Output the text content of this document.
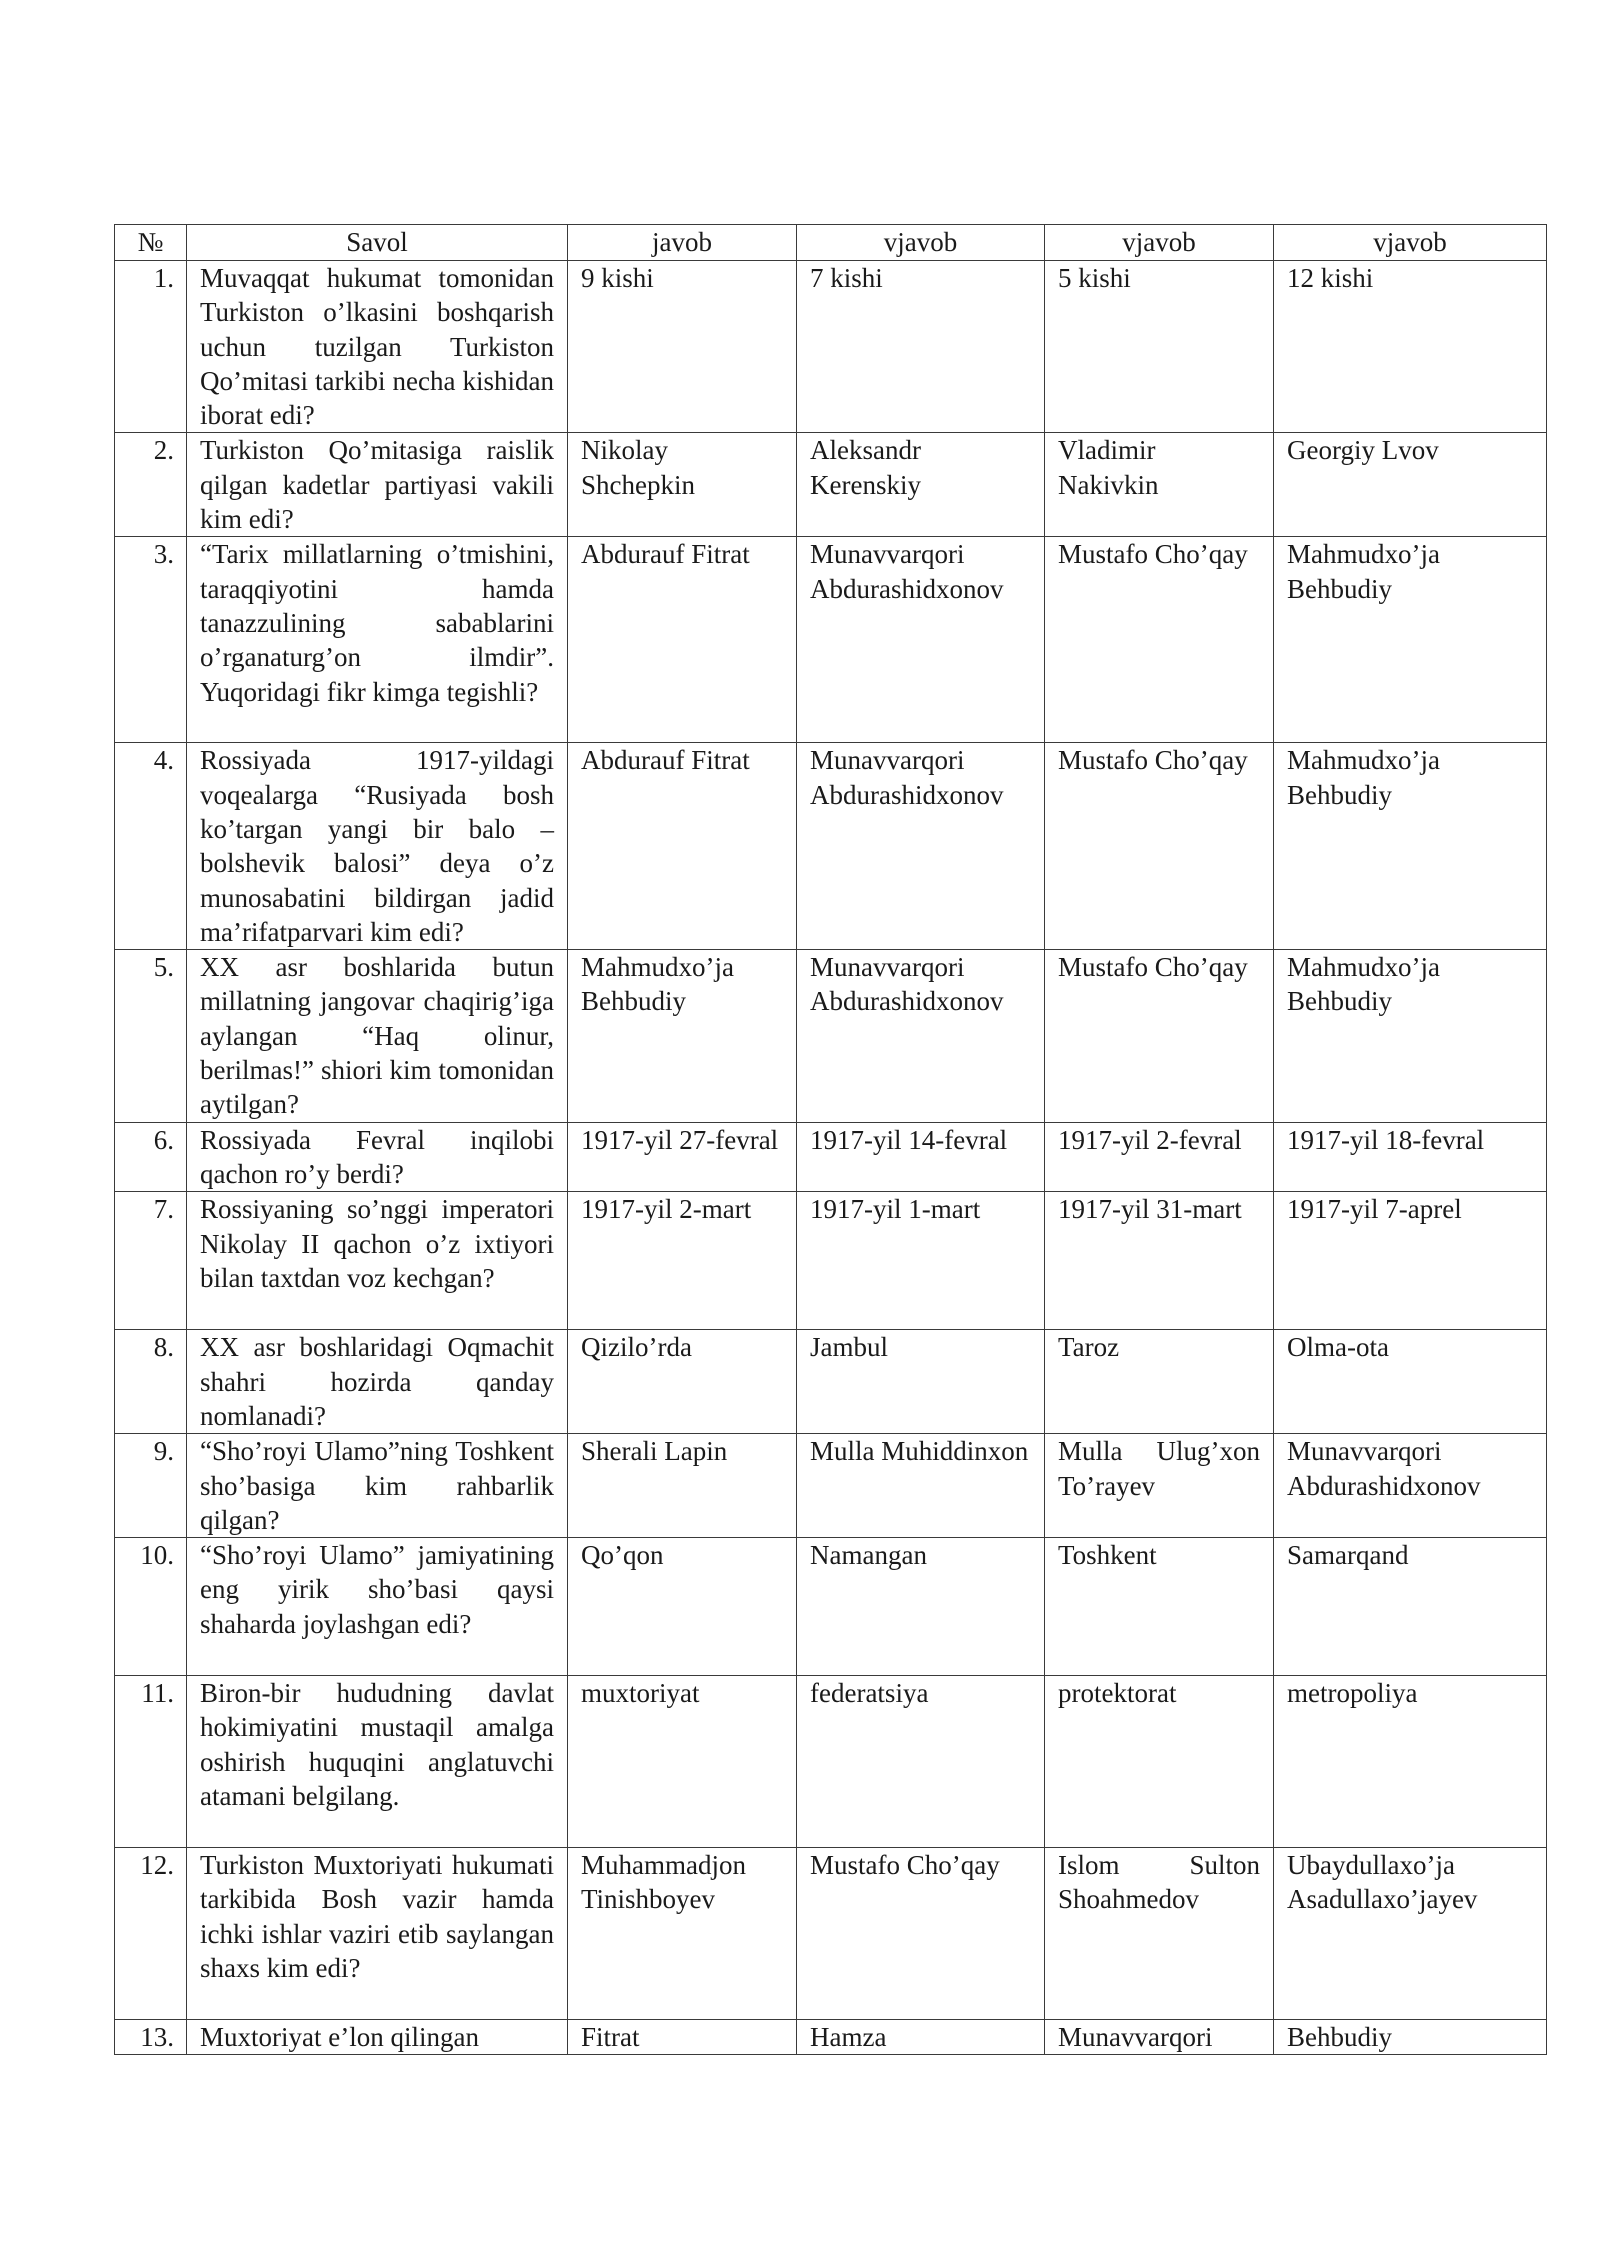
№	Savol	javob	vjavob	vjavob	vjavob
1.	Muvaqqat hukumat tomonidan Turkiston o’lkasini boshqarish uchun tuzilgan Turkiston Qo’mitasi tarkibi necha kishidan iborat edi?	9 kishi	7 kishi	5 kishi	12 kishi
2.	Turkiston Qo’mitasiga raislik qilgan kadetlar partiyasi vakili kim edi?	Nikolay Shchepkin	Aleksandr Kerenskiy	Vladimir Nakivkin	Georgiy Lvov
3.	“Tarix millatlarning o’tmishini, taraqqiyotini hamda tanazzulining sabablarini o’rganaturg’on ilmdir”. Yuqoridagi fikr kimga tegishli?	Abdurauf Fitrat	Munavvarqori Abdurashidxonov	Mustafo Cho’qay	Mahmudxo’ja Behbudiy
4.	Rossiyada 1917-yildagi voqealarga “Rusiyada bosh ko’targan yangi bir balo – bolshevik balosi” deya o’z munosabatini bildirgan jadid ma’rifatparvari kim edi?	Abdurauf Fitrat	Munavvarqori Abdurashidxonov	Mustafo Cho’qay	Mahmudxo’ja Behbudiy
5.	XX asr boshlarida butun millatning jangovar chaqirig’iga aylangan “Haq olinur, berilmas!” shiori kim tomonidan aytilgan?	Mahmudxo’ja Behbudiy	Munavvarqori Abdurashidxonov	Mustafo Cho’qay	Mahmudxo’ja Behbudiy
6.	Rossiyada Fevral inqilobi qachon ro’y berdi?	1917-yil 27-fevral	1917-yil 14-fevral	1917-yil 2-fevral	1917-yil 18-fevral
7.	Rossiyaning so’nggi imperatori Nikolay II qachon o’z ixtiyori bilan taxtdan voz kechgan?	1917-yil 2-mart	1917-yil 1-mart	1917-yil 31-mart	1917-yil 7-aprel
8.	XX asr boshlaridagi Oqmachit shahri hozirda qanday nomlanadi?	Qizilo’rda	Jambul	Taroz	Olma-ota
9.	“Sho’royi Ulamo”ning Toshkent sho’basiga kim rahbarlik qilgan?	Sherali Lapin	Mulla Muhiddinxon	Mulla Ulug’xon To’rayev	Munavvarqori Abdurashidxonov
10.	“Sho’royi Ulamo” jamiyatining eng yirik sho’basi qaysi shaharda joylashgan edi?	Qo’qon	Namangan	Toshkent	Samarqand
11.	Biron-bir hududning davlat hokimiyatini mustaqil amalga oshirish huquqini anglatuvchi atamani belgilang.	muxtoriyat	federatsiya	protektorat	metropoliya
12.	Turkiston Muxtoriyati hukumati tarkibida Bosh vazir hamda ichki ishlar vaziri etib saylangan shaxs kim edi?	Muhammadjon Tinishboyev	Mustafo Cho’qay	Islom Sulton Shoahmedov	Ubaydullaxo’ja Asadullaxo’jayev
13.	Muxtoriyat e’lon qilingan	Fitrat	Hamza	Munavvarqori	Behbudiy
